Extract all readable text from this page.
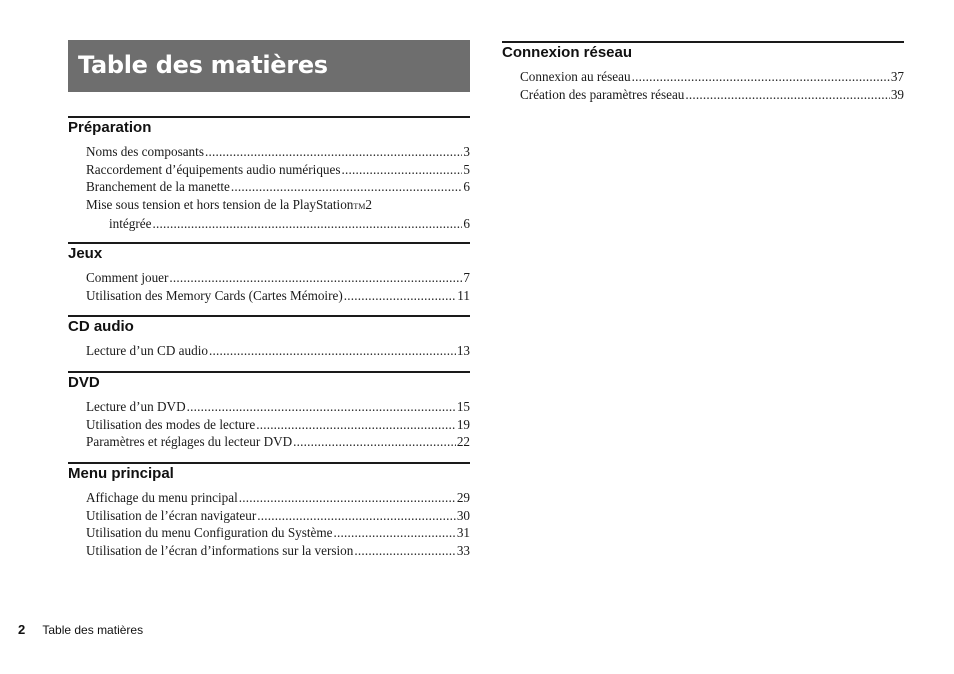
Table des matières
Préparation
Noms des composants .....	3
Raccordement d’équipements audio numériques .....	5
Branchement de la manette .....	6
Mise sous tension et hors tension de la PlayStationTM2
intégrée .....	6
Jeux
Comment jouer .....	7
Utilisation des Memory Cards (Cartes Mémoire) .....	11
CD audio
Lecture d’un CD audio .....	13
DVD
Lecture d’un DVD .....	15
Utilisation des modes de lecture .....	19
Paramètres et réglages du lecteur DVD .....	22
Menu principal
Affichage du menu principal .....	29
Utilisation de l’écran navigateur .....	30
Utilisation du menu Configuration du Système .....	31
Utilisation de l’écran d’informations sur la version .....	33
Connexion réseau
Connexion au réseau .....	37
Création des paramètres réseau .....	39
2 Table des matières
